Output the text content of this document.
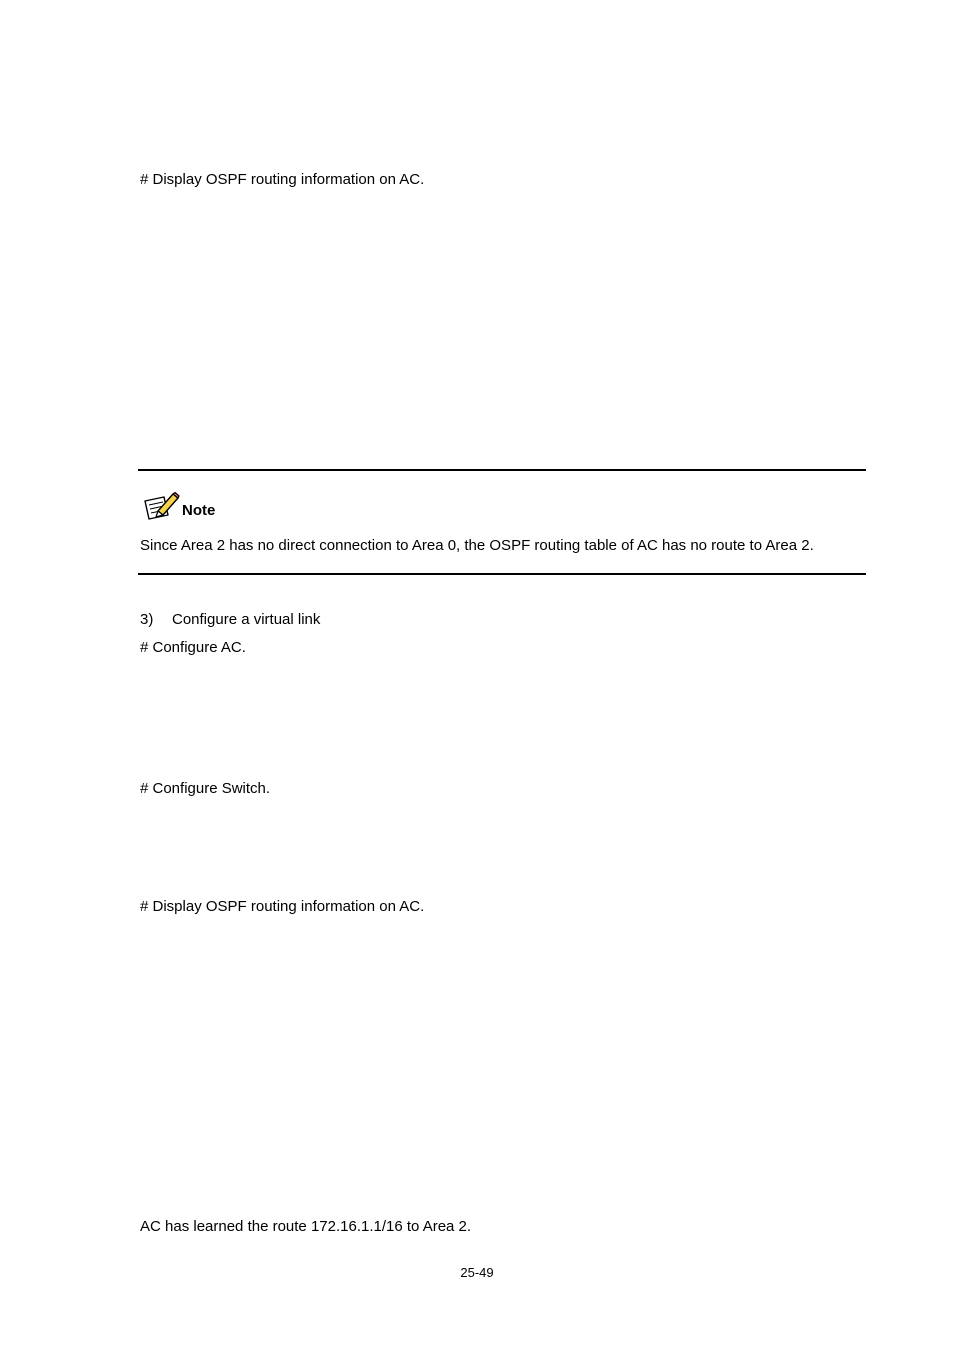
# Display OSPF routing information on AC.
Note
Since Area 2 has no direct connection to Area 0, the OSPF routing table of AC has no route to Area 2.
3)	Configure a virtual link
# Configure AC.
# Configure Switch.
# Display OSPF routing information on AC.
AC has learned the route 172.16.1.1/16 to Area 2.
25-49
